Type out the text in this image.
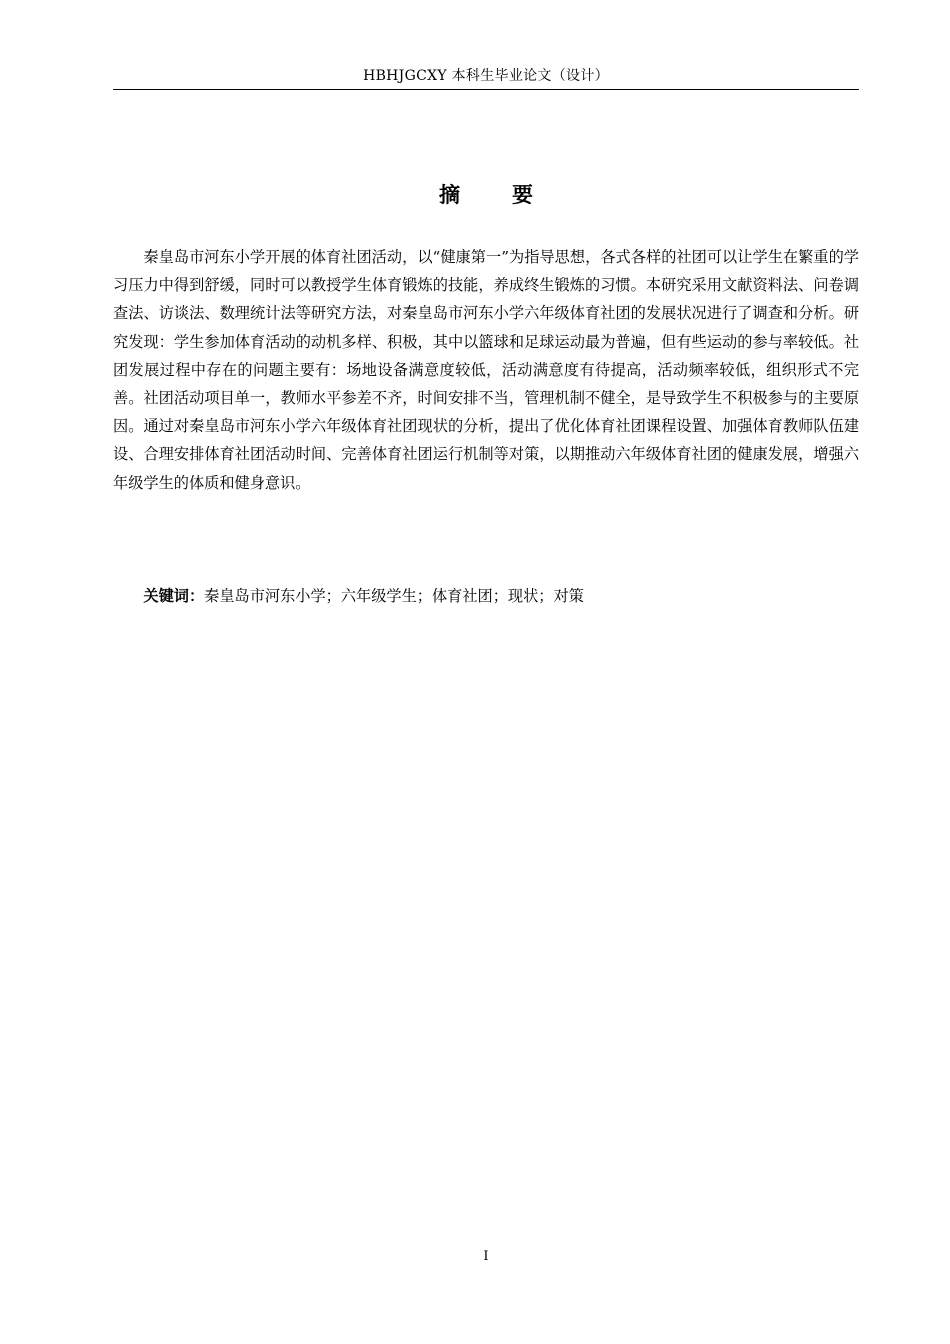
HBHJGCXY 本科生毕业论文（设计）
摘 要
秦皇岛市河东小学开展的体育社团活动，以“健康第一”为指导思想，各式各样的社团可以让学生在繁重的学习压力中得到舒缓，同时可以教授学生体育锻炼的技能，养成终生锻炼的习惯。本研究采用文献资料法、问卷调查法、访谈法、数理统计法等研究方法，对秦皇岛市河东小学六年级体育社团的发展状况进行了调查和分析。研究发现：学生参加体育活动的动机多样、积极，其中以篮球和足球运动最为普遍，但有些运动的参与率较低。社团发展过程中存在的问题主要有：场地设备满意度较低，活动满意度有待提高，活动频率较低，组织形式不完善。社团活动项目单一，教师水平参差不齐，时间安排不当，管理机制不健全，是导致学生不积极参与的主要原因。通过对秦皇岛市河东小学六年级体育社团现状的分析，提出了优化体育社团课程设置、加强体育教师队伍建设、合理安排体育社团活动时间、完善体育社团运行机制等对策，以期推动六年级体育社团的健康发展，增强六年级学生的体质和健身意识。
关键词：秦皇岛市河东小学；六年级学生；体育社团；现状；对策
I
